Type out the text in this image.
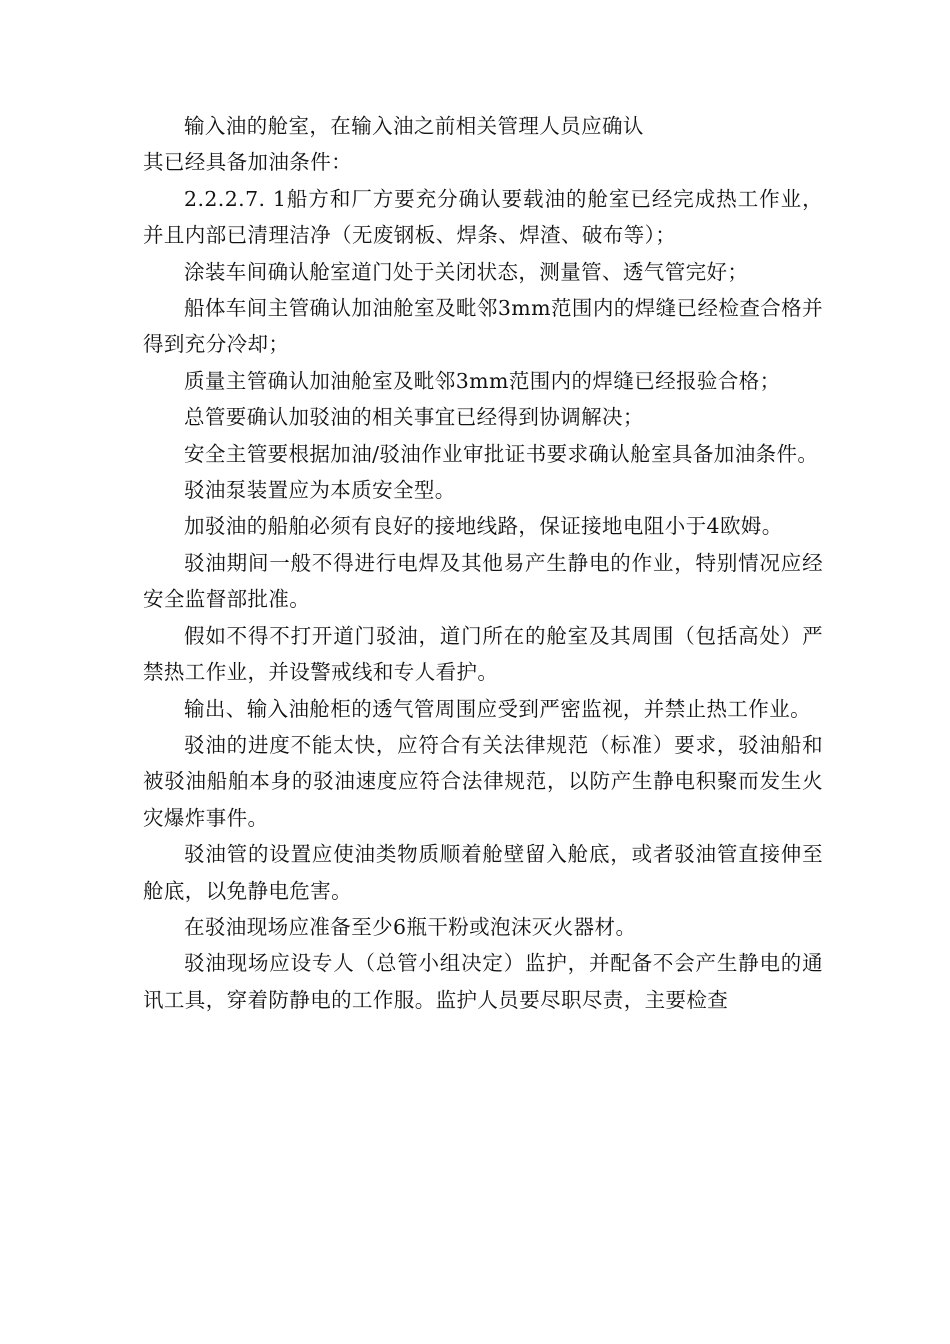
输入油的舱室，在输入油之前相关管理人员应确认

其已经具备加油条件：

2.2.2.7. 1船方和厂方要充分确认要载油的舱室已经完成热工作业，并且内部已清理洁净（无废钢板、焊条、焊渣、破布等）；

涂装车间确认舱室道门处于关闭状态，测量管、透气管完好；

船体车间主管确认加油舱室及毗邻3mm范围内的焊缝已经检查合格并得到充分冷却；

质量主管确认加油舱室及毗邻3mm范围内的焊缝已经报验合格；

总管要确认加驳油的相关事宜已经得到协调解决；

安全主管要根据加油/驳油作业审批证书要求确认舱室具备加油条件。

驳油泵装置应为本质安全型。

加驳油的船舶必须有良好的接地线路，保证接地电阻小于4欧姆。

驳油期间一般不得进行电焊及其他易产生静电的作业，特别情况应经安全监督部批准。

假如不得不打开道门驳油，道门所在的舱室及其周围（包括高处）严禁热工作业，并设警戒线和专人看护。

输出、输入油舱柜的透气管周围应受到严密监视，并禁止热工作业。

驳油的进度不能太快，应符合有关法律规范（标准）要求，驳油船和被驳油船舶本身的驳油速度应符合法律规范，以防产生静电积聚而发生火灾爆炸事件。

驳油管的设置应使油类物质顺着舱壁留入舱底，或者驳油管直接伸至舱底，以免静电危害。

在驳油现场应准备至少6瓶干粉或泡沫灭火器材。

驳油现场应设专人（总管小组决定）监护，并配备不会产生静电的通讯工具，穿着防静电的工作服。监护人员要尽职尽责，主要检查
